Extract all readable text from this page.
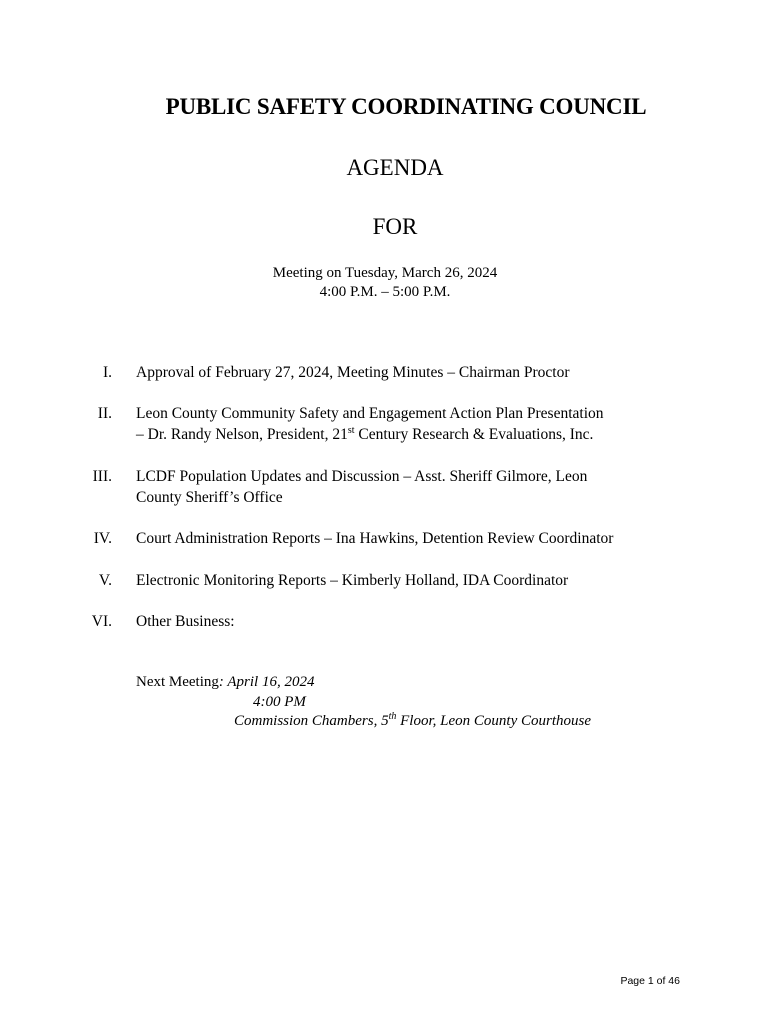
PUBLIC SAFETY COORDINATING COUNCIL
AGENDA
FOR
Meeting on Tuesday, March 26, 2024
4:00 P.M. – 5:00 P.M.
I. Approval of February 27, 2024, Meeting Minutes – Chairman Proctor
II. Leon County Community Safety and Engagement Action Plan Presentation
– Dr. Randy Nelson, President, 21st Century Research & Evaluations, Inc.
III. LCDF Population Updates and Discussion – Asst. Sheriff Gilmore, Leon
County Sheriff’s Office
IV. Court Administration Reports – Ina Hawkins, Detention Review Coordinator
V. Electronic Monitoring Reports – Kimberly Holland, IDA Coordinator
VI. Other Business:
Next Meeting: April 16, 2024
4:00 PM
Commission Chambers, 5th Floor, Leon County Courthouse
Page 1 of 46
